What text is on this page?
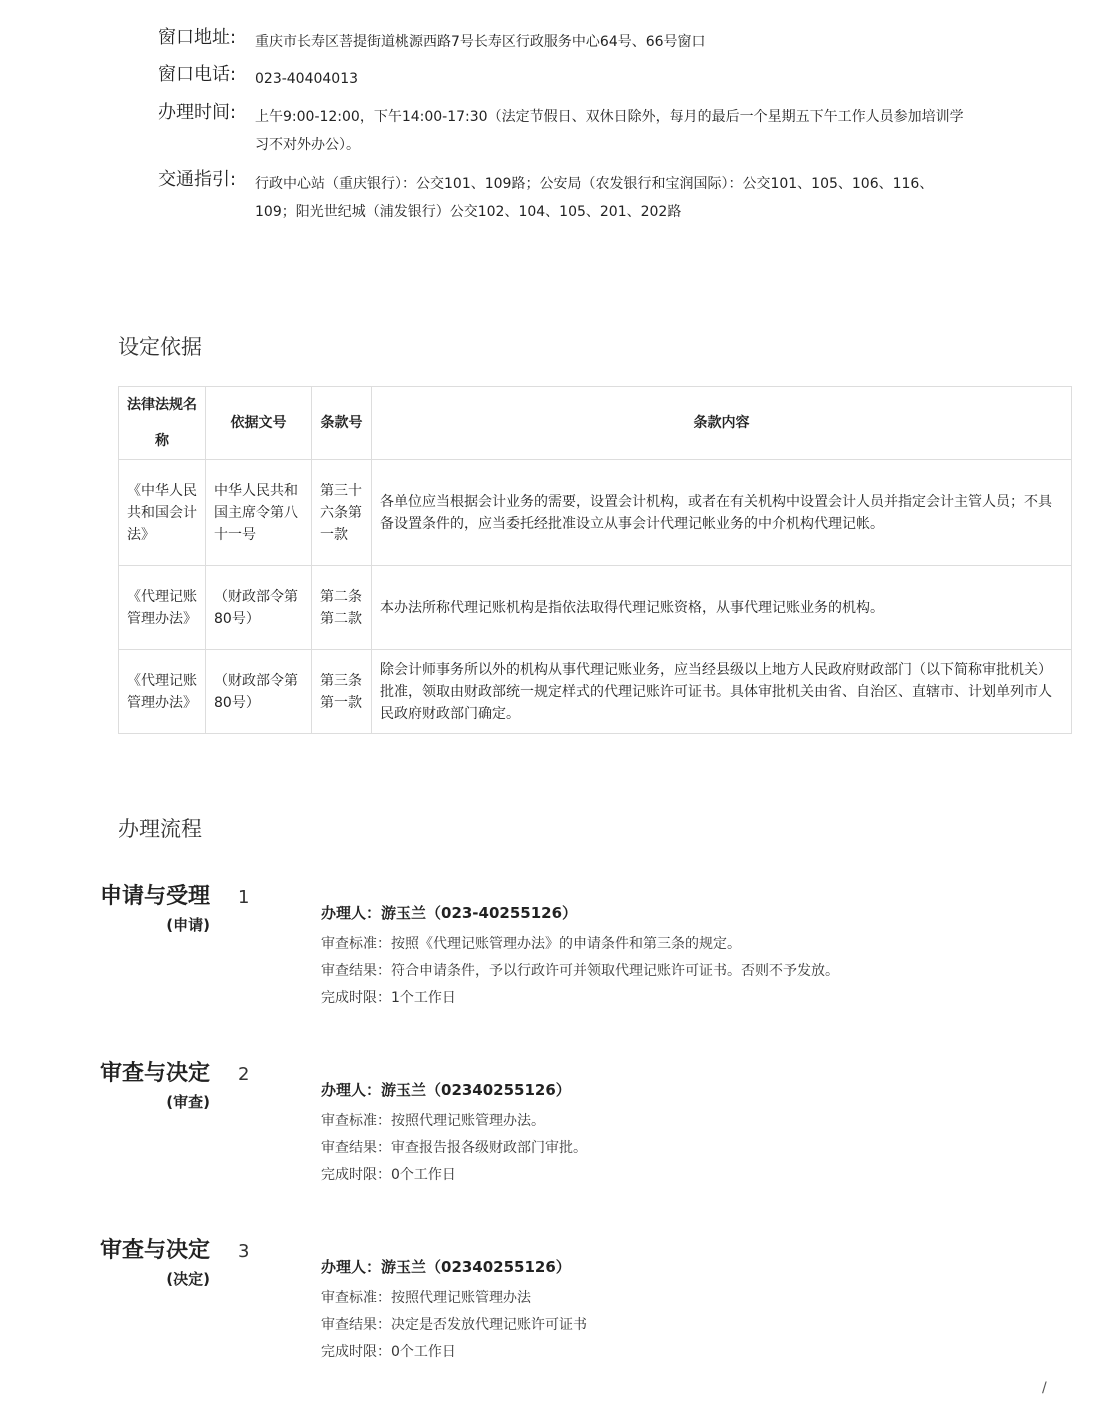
窗口地址:	重庆市长寿区菩提街道桃源西路7号长寿区行政服务中心64号、66号窗口
窗口电话:	023-40404013
办理时间:	上午9:00-12:00，下午14:00-17:30（法定节假日、双休日除外，每月的最后一个星期五下午工作人员参加培训学习不对外办公）。
交通指引:	行政中心站（重庆银行）：公交101、109路；公安局（农发银行和宝润国际）：公交101、105、106、116、109；阳光世纪城（浦发银行）公交102、104、105、201、202路
设定依据
法律法规名称	依据文号	条款号	条款内容
《中华人民共和国会计法》	中华人民共和国主席令第八十一号	第三十六条第一款	各单位应当根据会计业务的需要，设置会计机构，或者在有关机构中设置会计人员并指定会计主管人员；不具备设置条件的，应当委托经批准设立从事会计代理记帐业务的中介机构代理记帐。
《代理记账管理办法》	（财政部令第80号）	第二条第二款	本办法所称代理记账机构是指依法取得代理记账资格，从事代理记账业务的机构。
《代理记账管理办法》	（财政部令第80号）	第三条第一款	除会计师事务所以外的机构从事代理记账业务，应当经县级以上地方人民政府财政部门（以下简称审批机关）批准，领取由财政部统一规定样式的代理记账许可证书。具体审批机关由省、自治区、直辖市、计划单列市人民政府财政部门确定。
办理流程
申请与受理
(申请)
1
办理人：游玉兰（023-40255126）
审查标准：按照《代理记账管理办法》的申请条件和第三条的规定。
审查结果：符合申请条件，予以行政许可并领取代理记账许可证书。否则不予发放。
完成时限：1个工作日
审查与决定
(审查)
2
办理人：游玉兰（02340255126）
审查标准：按照代理记账管理办法。
审查结果：审查报告报各级财政部门审批。
完成时限：0个工作日
审查与决定
(决定)
3
办理人：游玉兰（02340255126）
审查标准：按照代理记账管理办法
审查结果：决定是否发放代理记账许可证书
完成时限：0个工作日
/
